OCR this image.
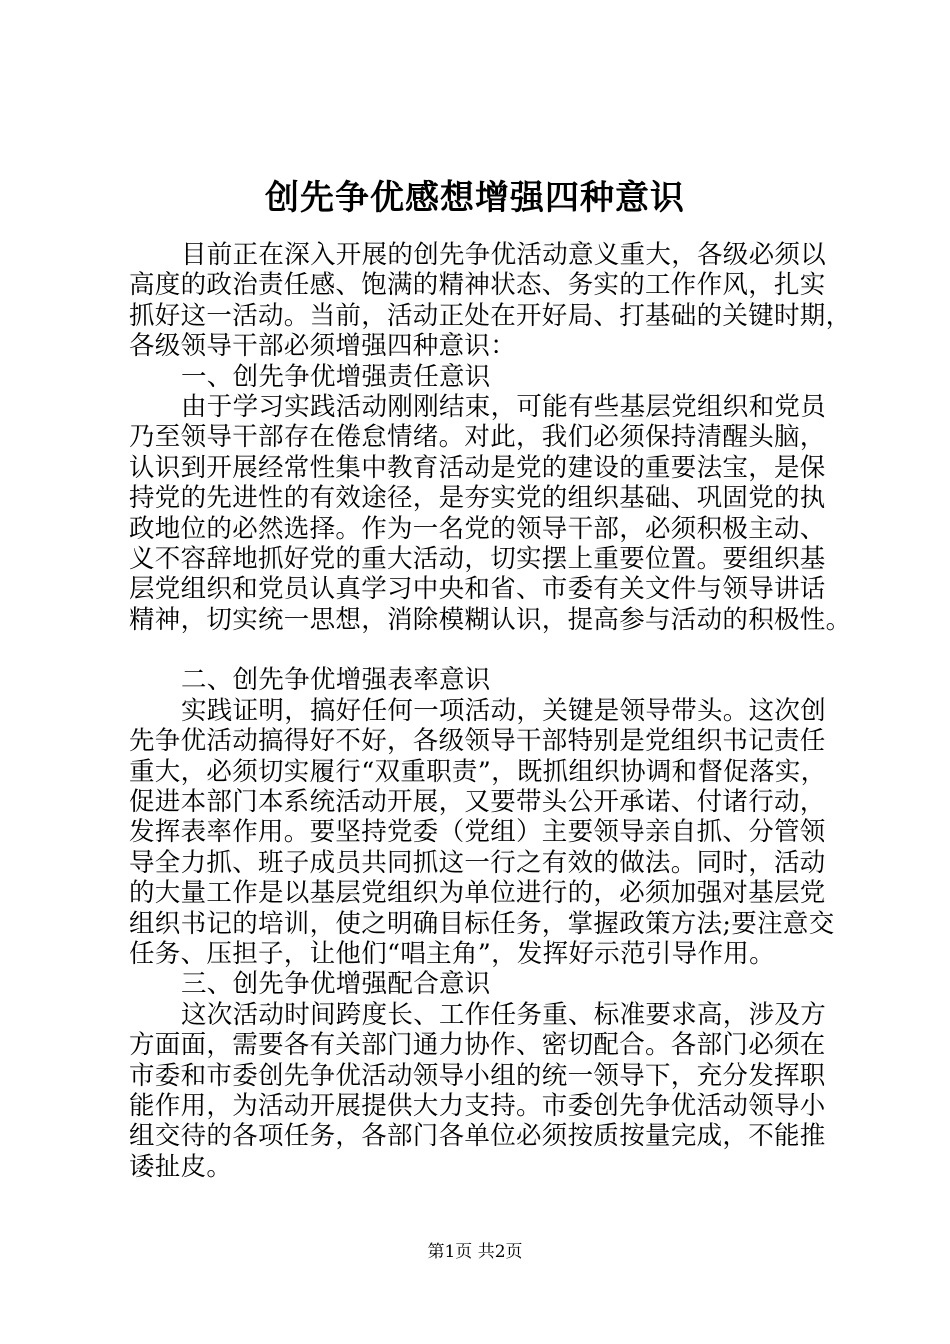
创先争优感想增强四种意识
目前正在深入开展的创先争优活动意义重大，各级必须以
高度的政治责任感、饱满的精神状态、务实的工作作风，扎实
抓好这一活动。当前，活动正处在开好局、打基础的关键时期，
各级领导干部必须增强四种意识：
一、创先争优增强责任意识
由于学习实践活动刚刚结束，可能有些基层党组织和党员
乃至领导干部存在倦怠情绪。对此，我们必须保持清醒头脑，
认识到开展经常性集中教育活动是党的建设的重要法宝，是保
持党的先进性的有效途径，是夯实党的组织基础、巩固党的执
政地位的必然选择。作为一名党的领导干部，必须积极主动、
义不容辞地抓好党的重大活动，切实摆上重要位置。要组织基
层党组织和党员认真学习中央和省、市委有关文件与领导讲话
精神，切实统一思想，消除模糊认识，提高参与活动的积极性。
二、创先争优增强表率意识
实践证明，搞好任何一项活动，关键是领导带头。这次创
先争优活动搞得好不好，各级领导干部特别是党组织书记责任
重大，必须切实履行“双重职责”，既抓组织协调和督促落实，
促进本部门本系统活动开展，又要带头公开承诺、付诸行动，
发挥表率作用。要坚持党委（党组）主要领导亲自抓、分管领
导全力抓、班子成员共同抓这一行之有效的做法。同时，活动
的大量工作是以基层党组织为单位进行的，必须加强对基层党
组织书记的培训，使之明确目标任务，掌握政策方法;要注意交
任务、压担子，让他们“唱主角”，发挥好示范引导作用。
三、创先争优增强配合意识
这次活动时间跨度长、工作任务重、标准要求高，涉及方
方面面，需要各有关部门通力协作、密切配合。各部门必须在
市委和市委创先争优活动领导小组的统一领导下，充分发挥职
能作用，为活动开展提供大力支持。市委创先争优活动领导小
组交待的各项任务，各部门各单位必须按质按量完成，不能推
诿扯皮。
第1页 共2页
